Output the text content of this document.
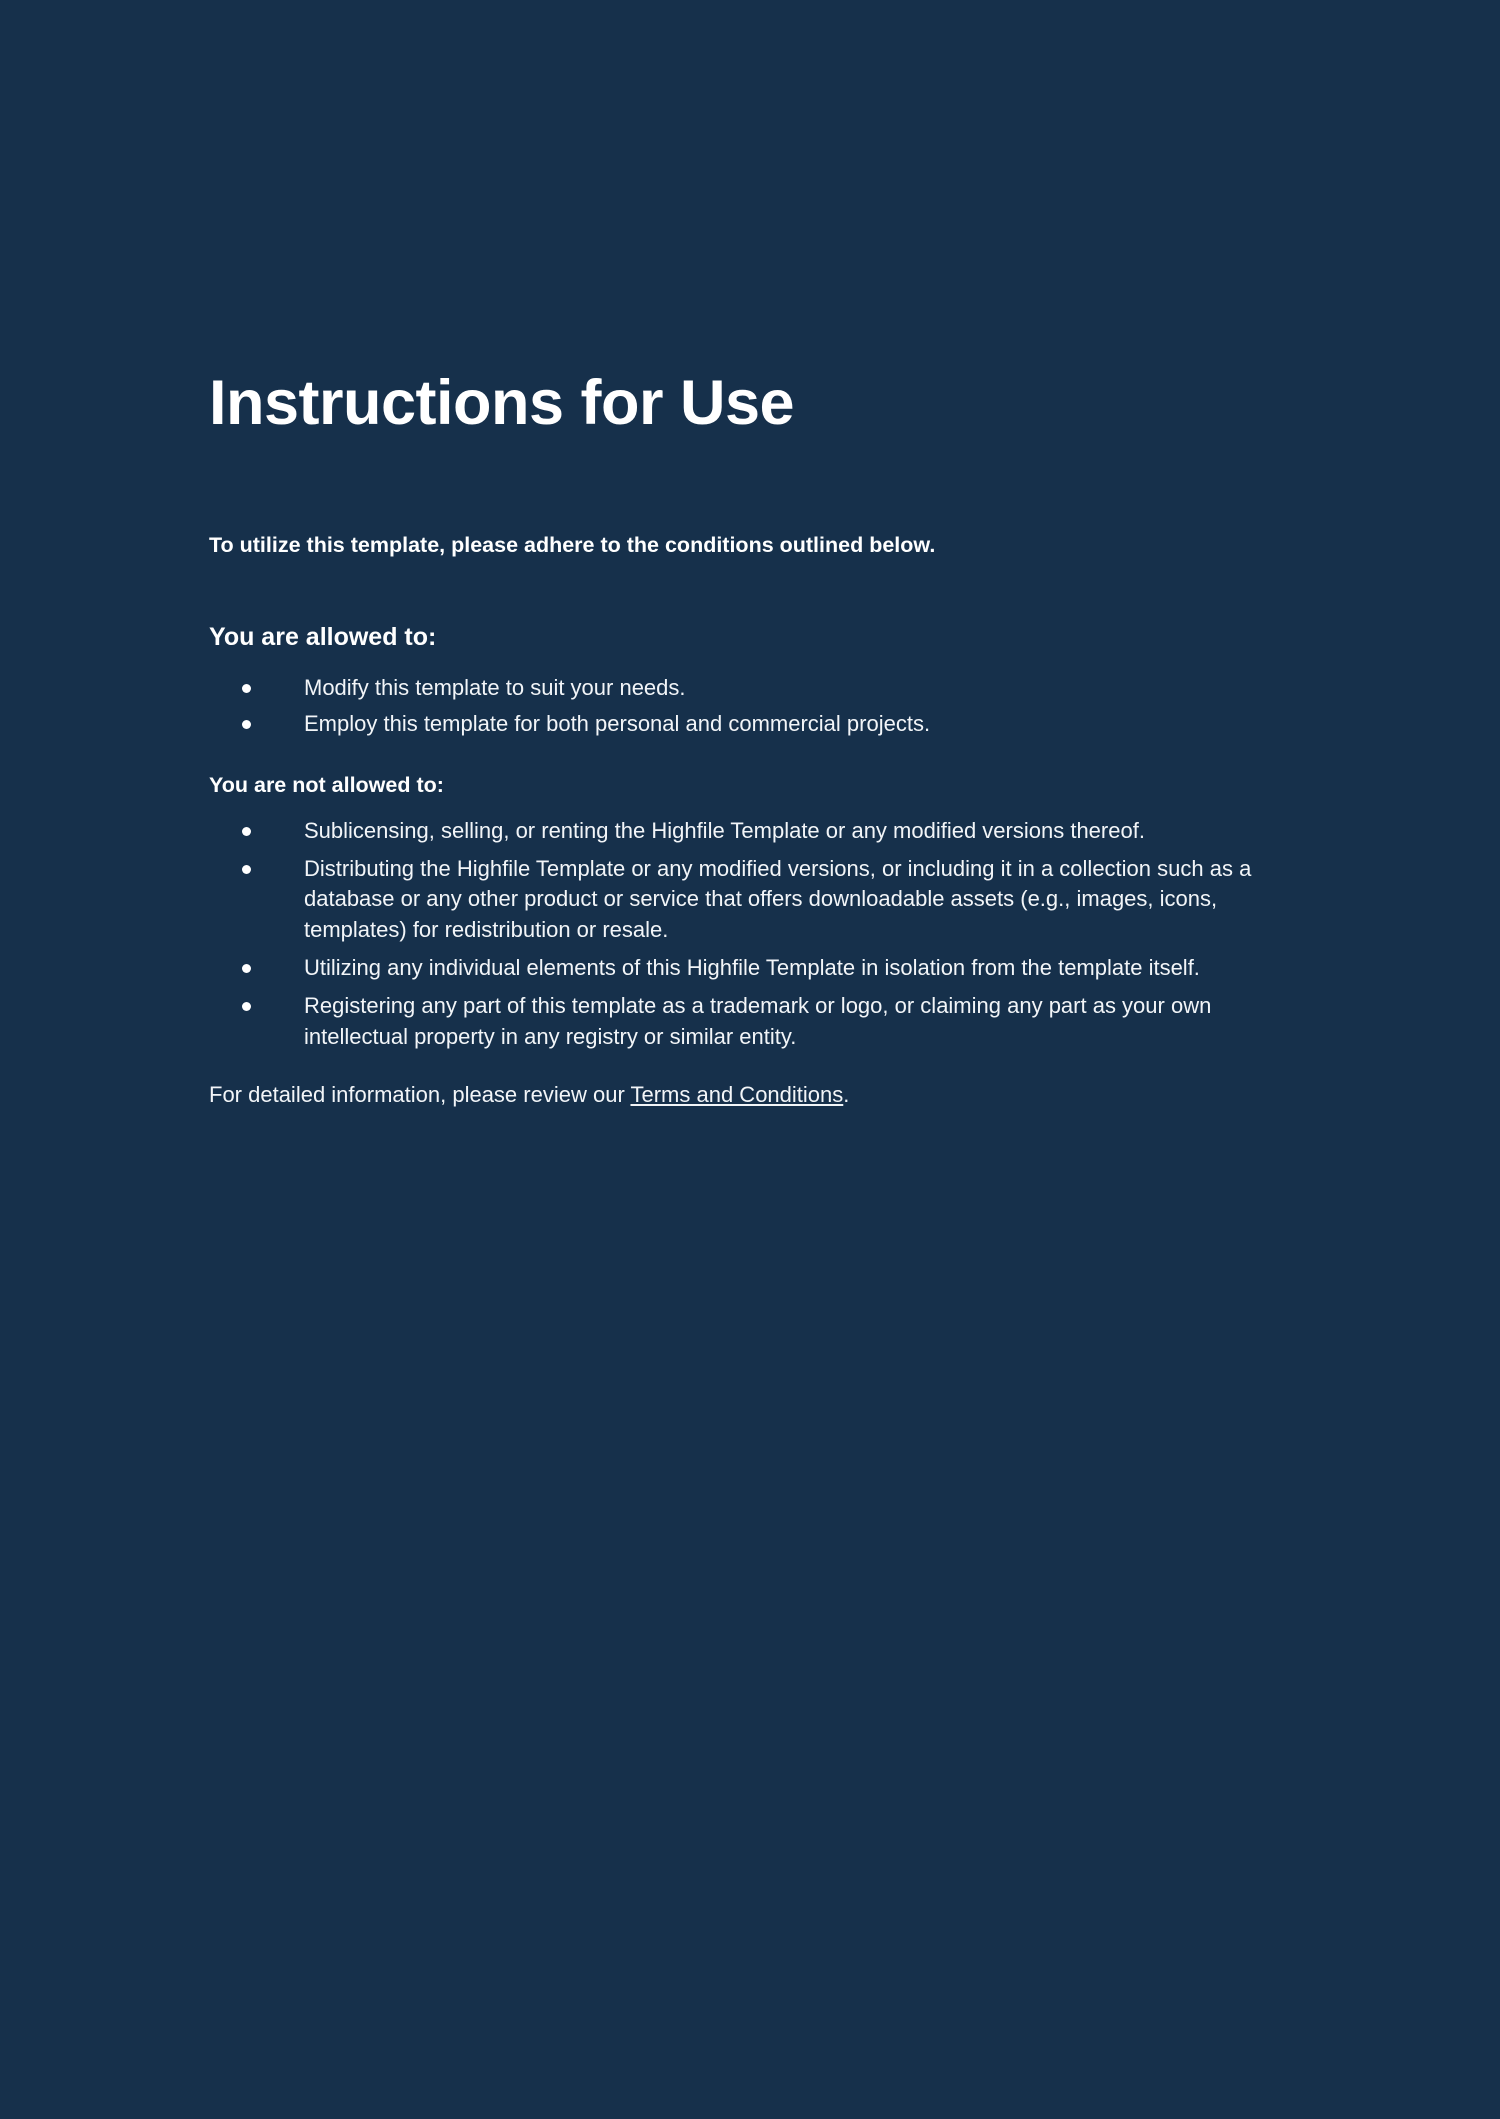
Instructions for Use

To utilize this template, please adhere to the conditions outlined below.

You are allowed to:
Modify this template to suit your needs.
Employ this template for both personal and commercial projects.
You are not allowed to:
Sublicensing, selling, or renting the Highfile Template or any modified versions thereof.
Distributing the Highfile Template or any modified versions, or including it in a collection such as a database or any other product or service that offers downloadable assets (e.g., images, icons, templates) for redistribution or resale.
Utilizing any individual elements of this Highfile Template in isolation from the template itself.
Registering any part of this template as a trademark or logo, or claiming any part as your own intellectual property in any registry or similar entity.

For detailed information, please review our Terms and Conditions.
